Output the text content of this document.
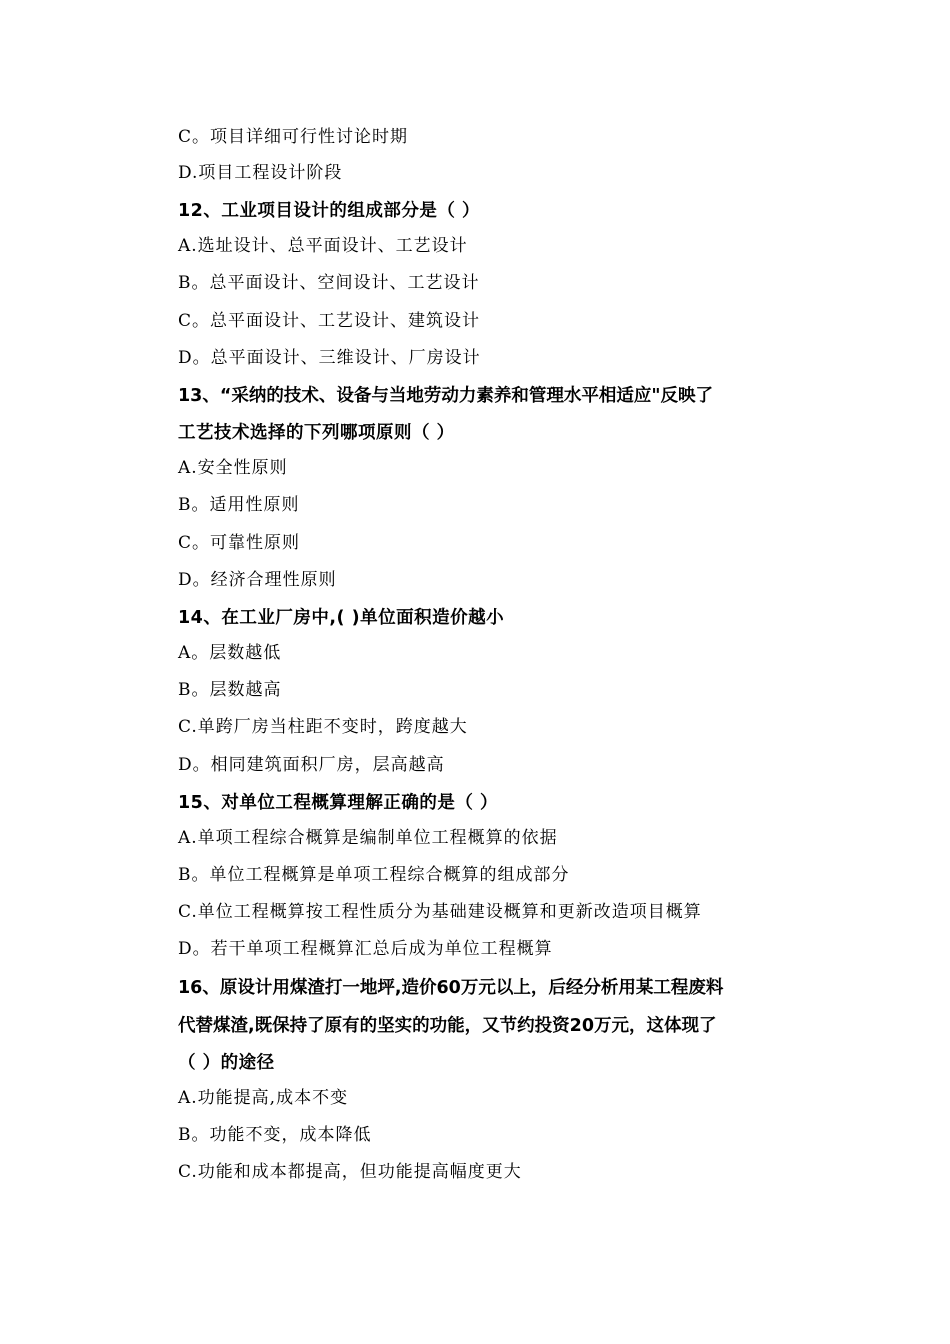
C。项目详细可行性讨论时期
D.项目工程设计阶段
12、工业项目设计的组成部分是（ ）
A.选址设计、总平面设计、工艺设计
B。总平面设计、空间设计、工艺设计
C。总平面设计、工艺设计、建筑设计
D。总平面设计、三维设计、厂房设计
13、“采纳的技术、设备与当地劳动力素养和管理水平相适应"反映了
工艺技术选择的下列哪项原则（ ）
A.安全性原则
B。适用性原则
C。可靠性原则
D。经济合理性原则
14、在工业厂房中,( )单位面积造价越小
A。层数越低
B。层数越高
C.单跨厂房当柱距不变时，跨度越大
D。相同建筑面积厂房，层高越高
15、对单位工程概算理解正确的是（ ）
A.单项工程综合概算是编制单位工程概算的依据
B。单位工程概算是单项工程综合概算的组成部分
C.单位工程概算按工程性质分为基础建设概算和更新改造项目概算
D。若干单项工程概算汇总后成为单位工程概算
16、原设计用煤渣打一地坪,造价60万元以上，后经分析用某工程废料
代替煤渣,既保持了原有的坚实的功能，又节约投资20万元，这体现了
（ ）的途径
A.功能提高,成本不变
B。功能不变，成本降低
C.功能和成本都提高，但功能提高幅度更大
